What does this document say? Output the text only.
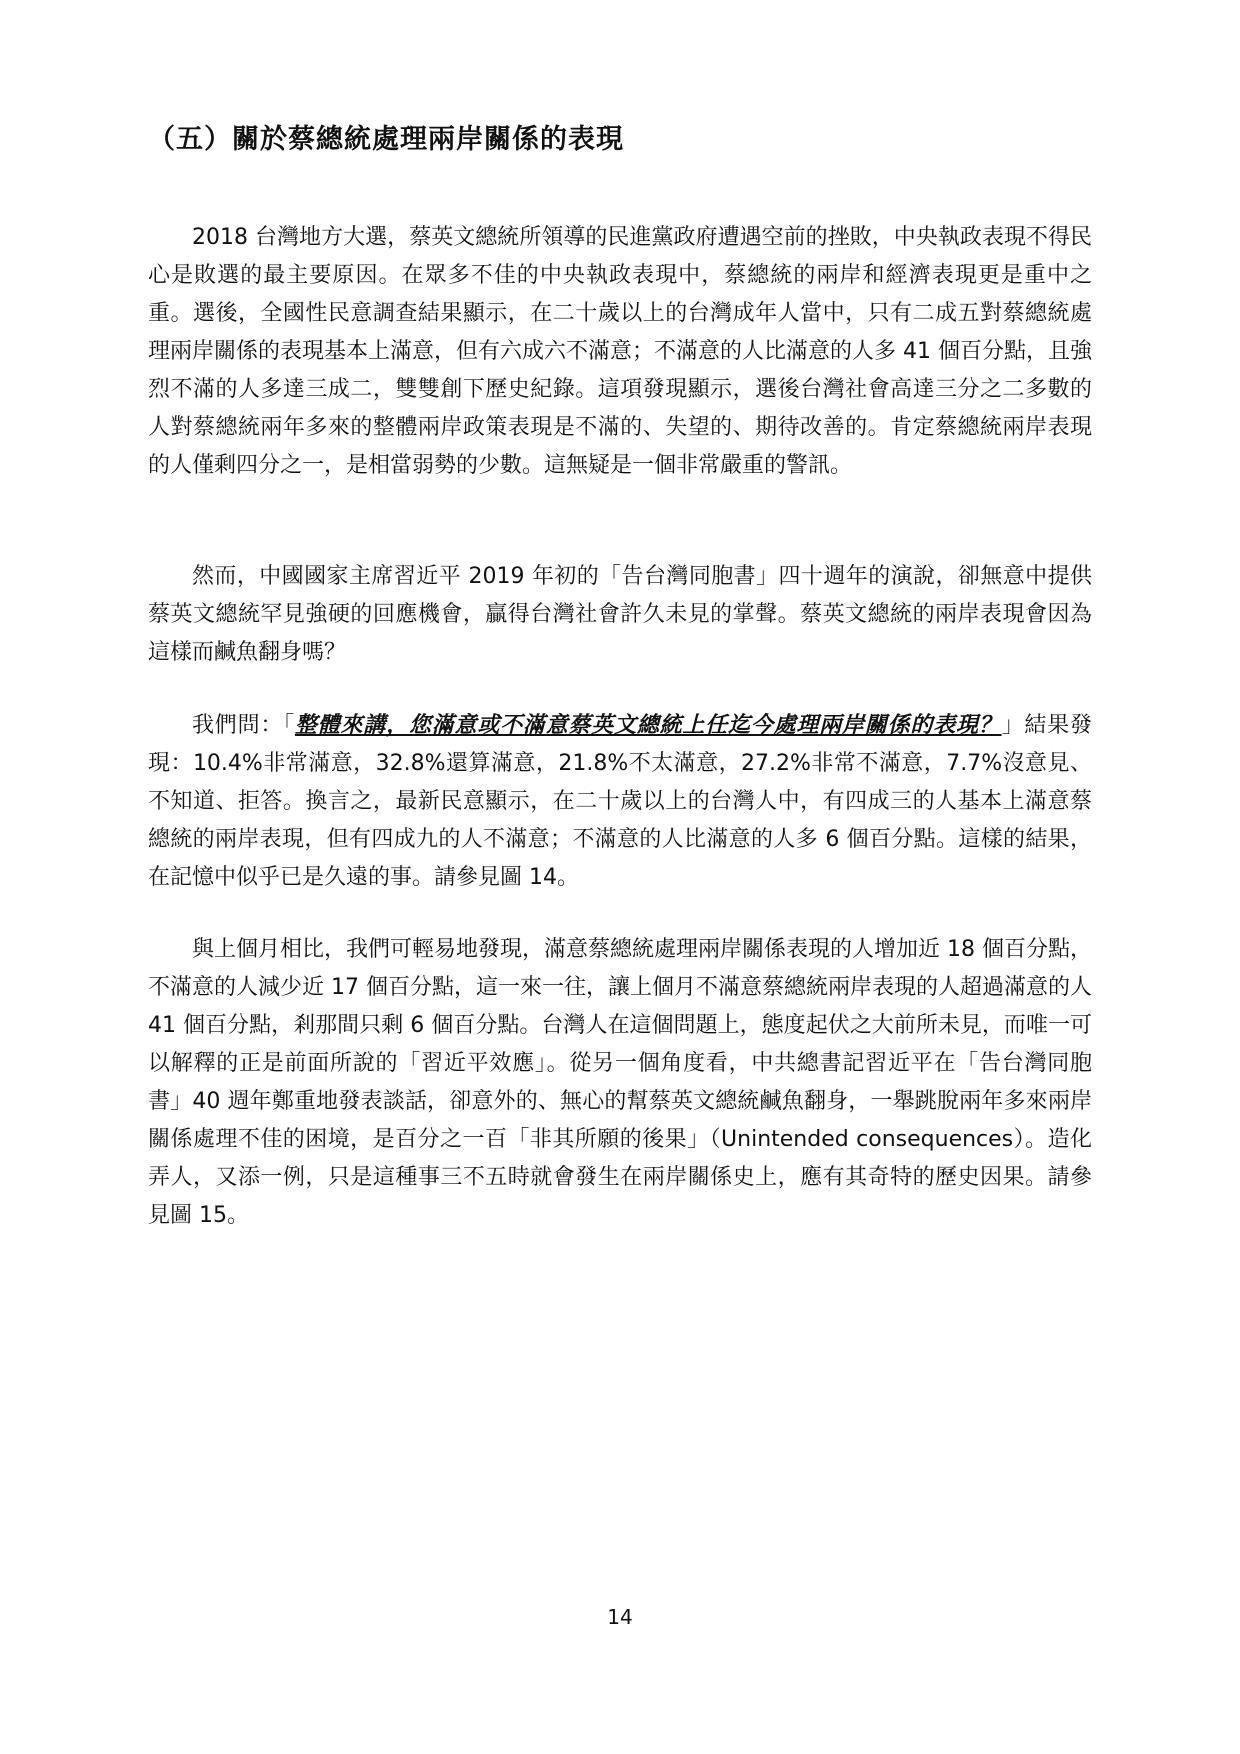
（五）關於蔡總統處理兩岸關係的表現

2018 台灣地方大選，蔡英文總統所領導的民進黨政府遭遇空前的挫敗，中央執政表現不得民心是敗選的最主要原因。在眾多不佳的中央執政表現中，蔡總統的兩岸和經濟表現更是重中之重。選後，全國性民意調查結果顯示，在二十歲以上的台灣成年人當中，只有二成五對蔡總統處理兩岸關係的表現基本上滿意，但有六成六不滿意；不滿意的人比滿意的人多 41 個百分點，且強烈不滿的人多達三成二，雙雙創下歷史紀錄。這項發現顯示，選後台灣社會高達三分之二多數的人對蔡總統兩年多來的整體兩岸政策表現是不滿的、失望的、期待改善的。肯定蔡總統兩岸表現的人僅剩四分之一，是相當弱勢的少數。這無疑是一個非常嚴重的警訊。

然而，中國國家主席習近平 2019 年初的「告台灣同胞書」四十週年的演說，卻無意中提供蔡英文總統罕見強硬的回應機會，贏得台灣社會許久未見的掌聲。蔡英文總統的兩岸表現會因為這樣而鹹魚翻身嗎？

我們問：「整體來講，您滿意或不滿意蔡英文總統上任迄今處理兩岸關係的表現？」結果發現：10.4%非常滿意，32.8%還算滿意，21.8%不太滿意，27.2%非常不滿意，7.7%沒意見、不知道、拒答。換言之，最新民意顯示，在二十歲以上的台灣人中，有四成三的人基本上滿意蔡總統的兩岸表現，但有四成九的人不滿意；不滿意的人比滿意的人多 6 個百分點。這樣的結果，在記憶中似乎已是久遠的事。請參見圖 14。

與上個月相比，我們可輕易地發現，滿意蔡總統處理兩岸關係表現的人增加近 18 個百分點，不滿意的人減少近 17 個百分點，這一來一往，讓上個月不滿意蔡總統兩岸表現的人超過滿意的人 41 個百分點，剎那間只剩 6 個百分點。台灣人在這個問題上，態度起伏之大前所未見，而唯一可以解釋的正是前面所說的「習近平效應」。從另一個角度看，中共總書記習近平在「告台灣同胞書」40 週年鄭重地發表談話，卻意外的、無心的幫蔡英文總統鹹魚翻身，一舉跳脫兩年多來兩岸關係處理不佳的困境，是百分之一百「非其所願的後果」（Unintended consequences）。造化弄人，又添一例，只是這種事三不五時就會發生在兩岸關係史上，應有其奇特的歷史因果。請參見圖 15。

14
